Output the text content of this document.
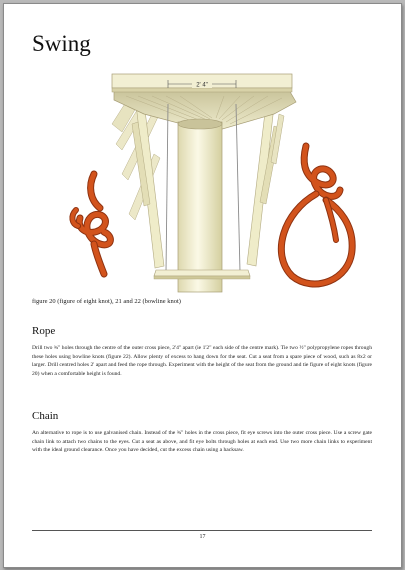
Swing
2' 4"
figure 20 (figure of eight knot), 21 and 22 (bowline knot)
Rope

Drill two ¾" holes through the centre of the outer cross piece, 2'4" apart (ie 1'2" each side of the centre mark). Tie two ½" polypropylene ropes through these holes using bowline knots (figure 22). Allow plenty of excess to hang down for the seat. Cut a seat from a spare piece of wood, such as 8x2 or larger. Drill centred holes 2' apart and feed the rope through. Experiment with the height of the seat from the ground and tie figure of eight knots (figure 20) when a comfortable height is found.

Chain

An alternative to rope is to use galvanised chain. Instead of the ¾" holes in the cross piece, fit eye screws into the outer cross piece. Use a screw gate chain link to attach two chains to the eyes. Cut a seat as above, and fit eye bolts through holes at each end. Use two more chain links to experiment with the ideal ground clearance. Once you have decided, cut the excess chain using a hacksaw.

17
